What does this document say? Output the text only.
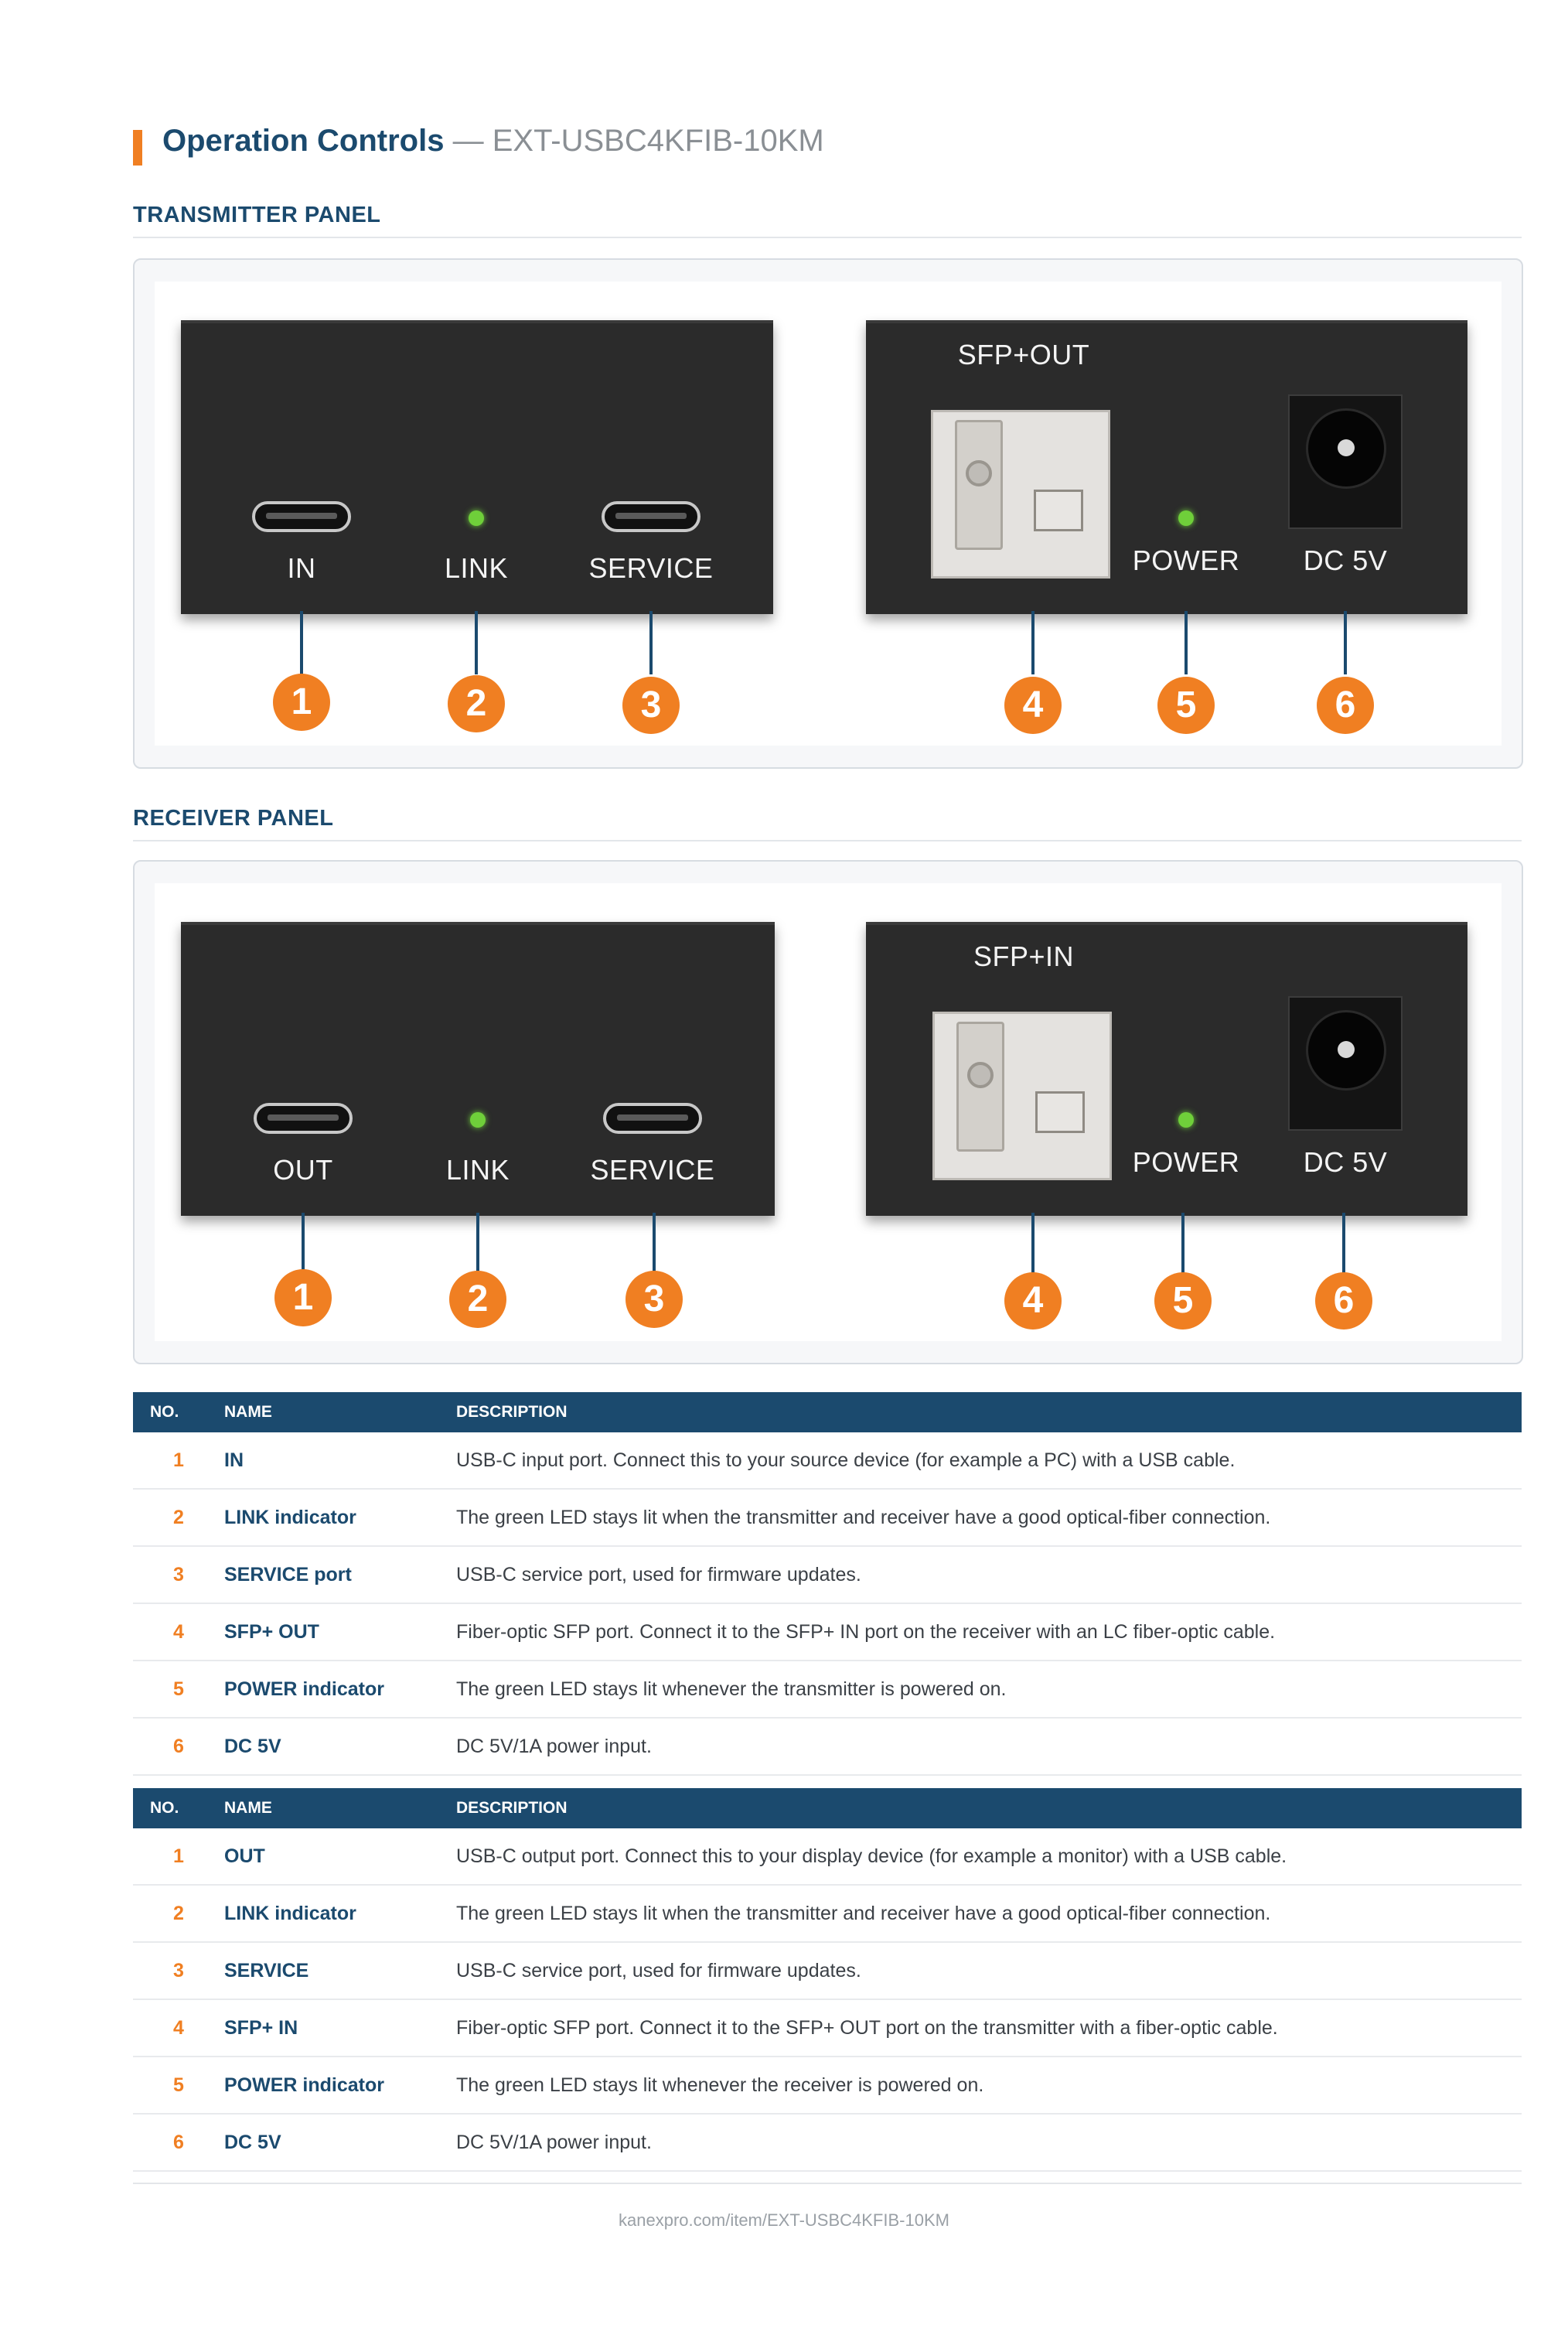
Operation Controls — EXT-USBC4KFIB-10KM
TRANSMITTER PANEL
IN	LINK	SERVICE
SFP+OUT
POWER DC 5V
1	2	3	4	5	6
RECEIVER PANEL
OUT	LINK	SERVICE
SFP+IN
POWER DC 5V
1	2	3	4	5	6
NO.	NAME	DESCRIPTION
1	IN	USB-C input port. Connect this to your source device (for example a PC) with a USB cable.
2	LINK indicator	The green LED stays lit when the transmitter and receiver have a good optical-fiber connection.
3	SERVICE port	USB-C service port, used for firmware updates.
4	SFP+ OUT	Fiber-optic SFP port. Connect it to the SFP+ IN port on the receiver with an LC fiber-optic cable.
5	POWER indicator	The green LED stays lit whenever the transmitter is powered on.
6	DC 5V	DC 5V/1A power input.
NO.	NAME	DESCRIPTION
1	OUT	USB-C output port. Connect this to your display device (for example a monitor) with a USB cable.
2	LINK indicator	The green LED stays lit when the transmitter and receiver have a good optical-fiber connection.
3	SERVICE	USB-C service port, used for firmware updates.
4	SFP+ IN	Fiber-optic SFP port. Connect it to the SFP+ OUT port on the transmitter with a fiber-optic cable.
5	POWER indicator	The green LED stays lit whenever the receiver is powered on.
6	DC 5V	DC 5V/1A power input.
kanexpro.com/item/EXT-USBC4KFIB-10KM
